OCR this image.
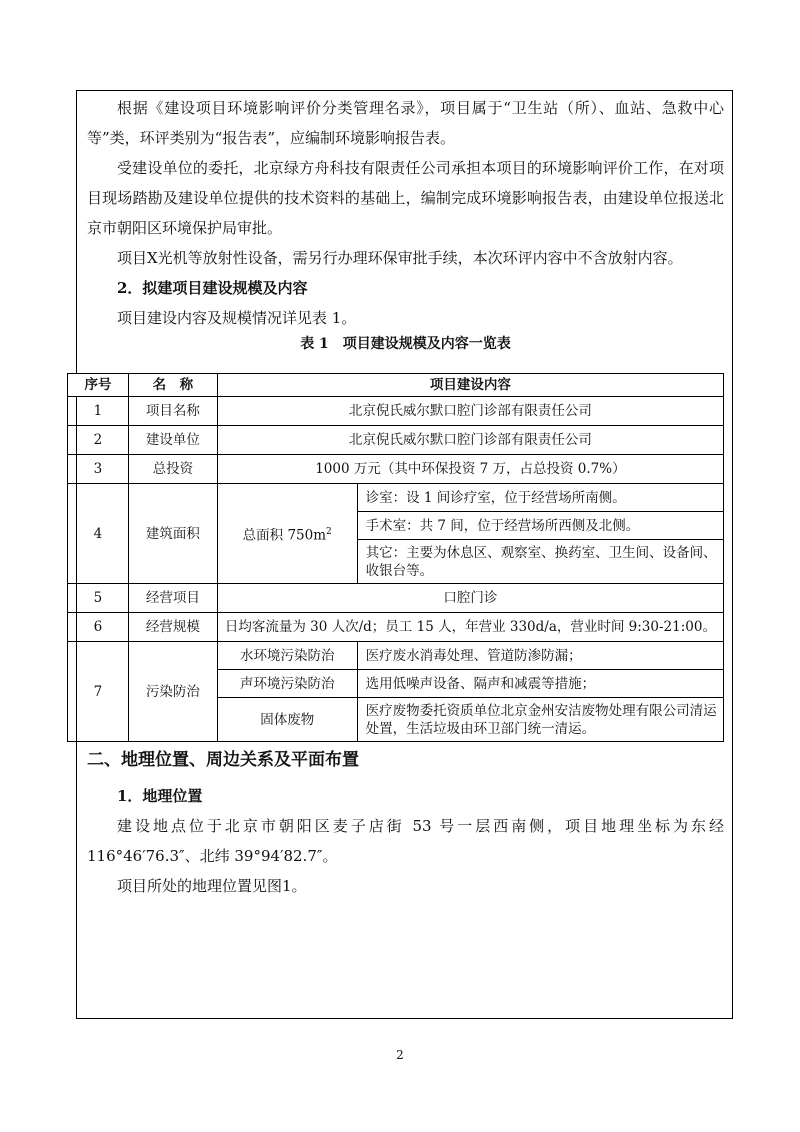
根据《建设项目环境影响评价分类管理名录》，项目属于“卫生站（所）、血站、急救中心等”类，环评类别为“报告表”，应编制环境影响报告表。

受建设单位的委托，北京绿方舟科技有限责任公司承担本项目的环境影响评价工作，在对项目现场踏勘及建设单位提供的技术资料的基础上，编制完成环境影响报告表，由建设单位报送北京市朝阳区环境保护局审批。

项目X光机等放射性设备，需另行办理环保审批手续，本次环评内容中不含放射内容。

2．拟建项目建设规模及内容

项目建设内容及规模情况详见表 1。

表 1　项目建设规模及内容一览表
序号	名　称	项目建设内容	
1	项目名称	北京倪氏威尔默口腔门诊部有限责任公司	
2	建设单位	北京倪氏威尔默口腔门诊部有限责任公司	
3	总投资	1000 万元（其中环保投资 7 万，占总投资 0.7%）	
4	建筑面积	总面积 $750m^2$	诊室：设 1 间诊疗室，位于经营场所南侧。
			手术室：共 7 间，位于经营场所西侧及北侧。
			其它：主要为休息区、观察室、换药室、卫生间、设备间、收银台等。
5	经营项目	口腔门诊	
6	经营规模	日均客流量为 30 人次/d；员工 15 人，年营业 330d/a，营业时间 9:30-21:00。	
7	污染防治	水环境污染防治	医疗废水消毒处理、管道防渗防漏；
		声环境污染防治	选用低噪声设备、隔声和减震等措施；
		固体废物	医疗废物委托资质单位北京金州安洁废物处理有限公司清运处置，生活垃圾由环卫部门统一清运。

二、地理位置、周边关系及平面布置

1．地理位置

建设地点位于北京市朝阳区麦子店街 53 号一层西南侧，项目地理坐标为东经 116°46′76.3″、北纬 39°94′82.7″。

项目所处的地理位置见图1。

2
